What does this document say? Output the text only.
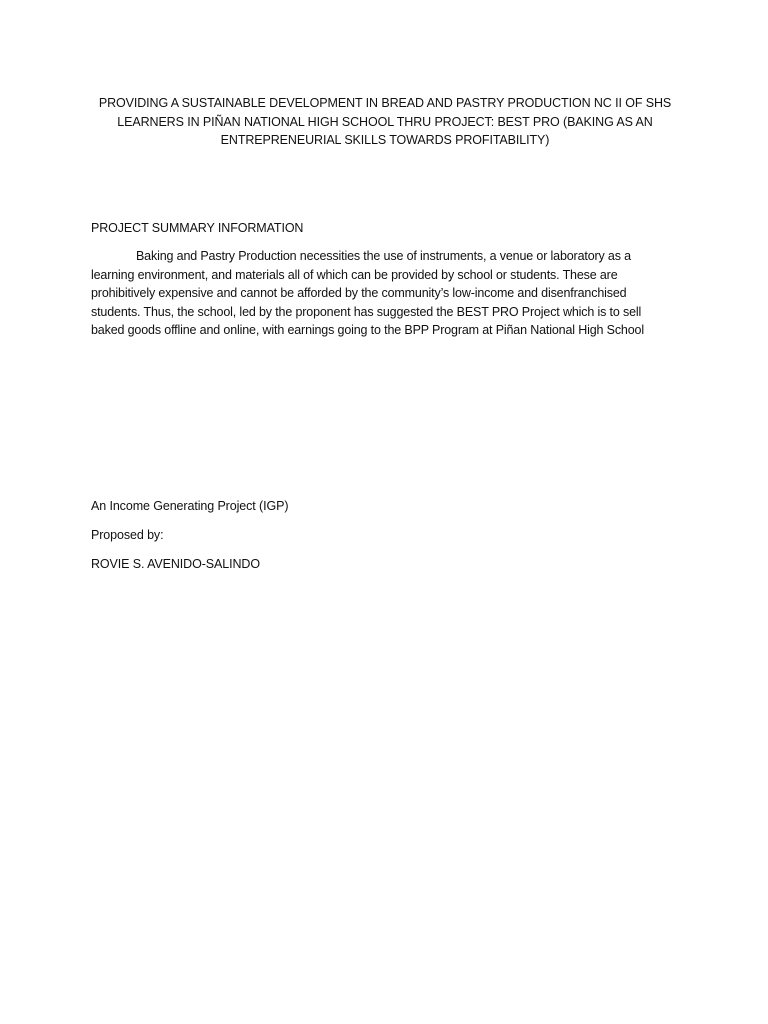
PROVIDING A SUSTAINABLE DEVELOPMENT IN BREAD AND PASTRY PRODUCTION NC II OF SHS
LEARNERS IN PIÑAN NATIONAL HIGH SCHOOL THRU PROJECT: BEST PRO (BAKING AS AN
ENTREPRENEURIAL SKILLS TOWARDS PROFITABILITY)
PROJECT SUMMARY INFORMATION
Baking and Pastry Production necessities the use of instruments, a venue or laboratory as a
learning environment, and materials all of which can be provided by school or students. These are
prohibitively expensive and cannot be afforded by the community’s low-income and disenfranchised
students. Thus, the school, led by the proponent has suggested the BEST PRO Project which is to sell
baked goods offline and online, with earnings going to the BPP Program at Piñan National High School
An Income Generating Project (IGP)
Proposed by:
ROVIE S. AVENIDO-SALINDO
